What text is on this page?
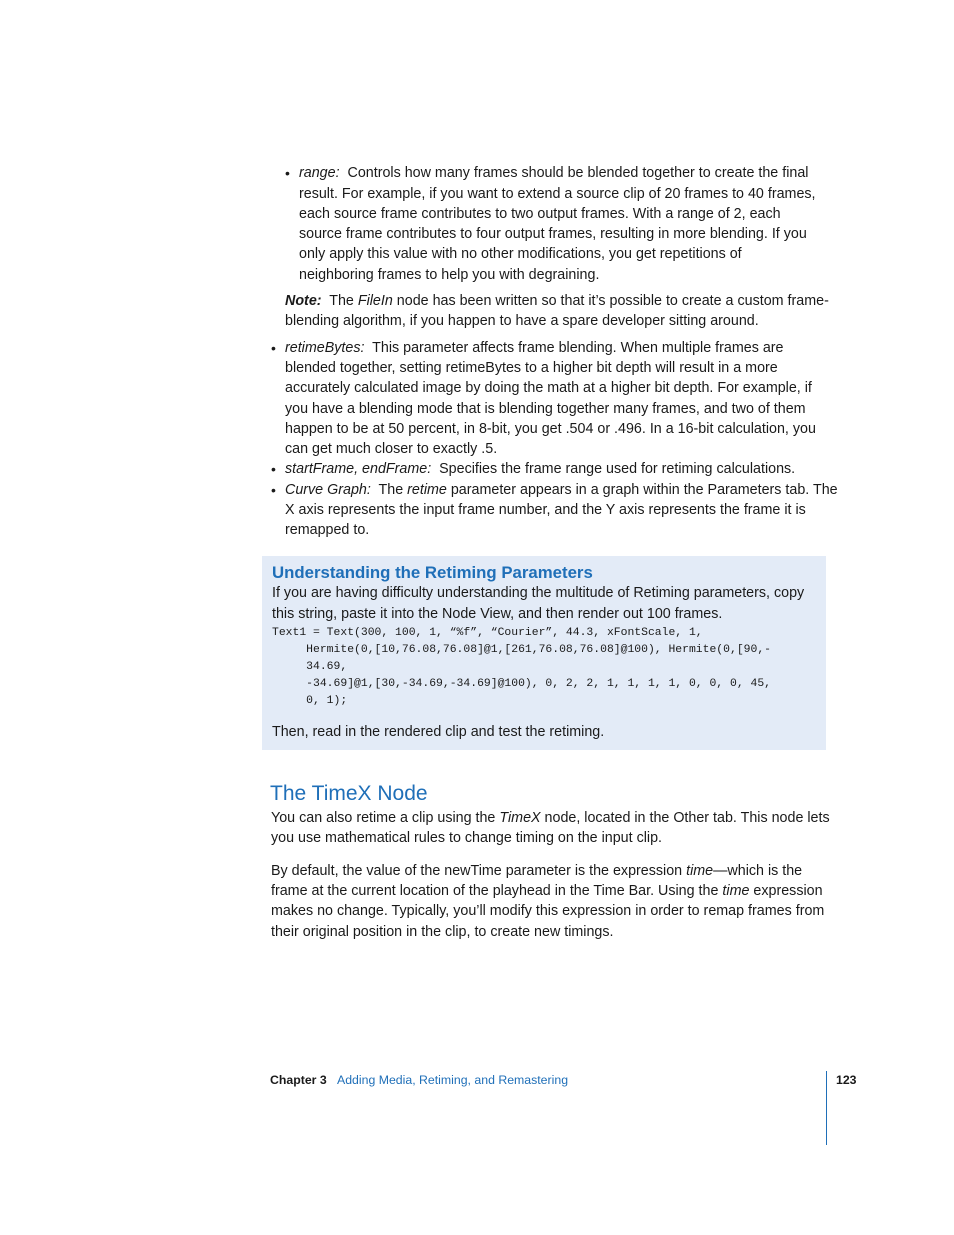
• range: Controls how many frames should be blended together to create the final

result. For example, if you want to extend a source clip of 20 frames to 40 frames,

each source frame contributes to two output frames. With a range of 2, each

source frame contributes to four output frames, resulting in more blending. If you

only apply this value with no other modifications, you get repetitions of

neighboring frames to help you with degraining.

Note: The FileIn node has been written so that it’s possible to create a custom frame-

blending algorithm, if you happen to have a spare developer sitting around.

• retimeBytes: This parameter affects frame blending. When multiple frames are

blended together, setting retimeBytes to a higher bit depth will result in a more

accurately calculated image by doing the math at a higher bit depth. For example, if

you have a blending mode that is blending together many frames, and two of them

happen to be at 50 percent, in 8-bit, you get .504 or .496. In a 16-bit calculation, you

can get much closer to exactly .5.

• startFrame, endFrame: Specifies the frame range used for retiming calculations.

• Curve Graph: The retime parameter appears in a graph within the Parameters tab. The

X axis represents the input frame number, and the Y axis represents the frame it is

remapped to.

Understanding the Retiming Parameters

If you are having difficulty understanding the multitude of Retiming parameters, copy

this string, paste it into the Node View, and then render out 100 frames.

Text1 = Text(300, 100, 1, “%f”, “Courier”, 44.3, xFontScale, 1,
Hermite(0,[10,76.08,76.08]@1,[261,76.08,76.08]@100), Hermite(0,[90,-
34.69,
-34.69]@1,[30,-34.69,-34.69]@100), 0, 2, 2, 1, 1, 1, 1, 0, 0, 0, 45,
0, 1);

Then, read in the rendered clip and test the retiming.

The TimeX Node

You can also retime a clip using the TimeX node, located in the Other tab. This node lets

you use mathematical rules to change timing on the input clip.

By default, the value of the newTime parameter is the expression time—which is the

frame at the current location of the playhead in the Time Bar. Using the time expression

makes no change. Typically, you’ll modify this expression in order to remap frames from

their original position in the clip, to create new timings.

Chapter 3 Adding Media, Retiming, and Remastering	123
